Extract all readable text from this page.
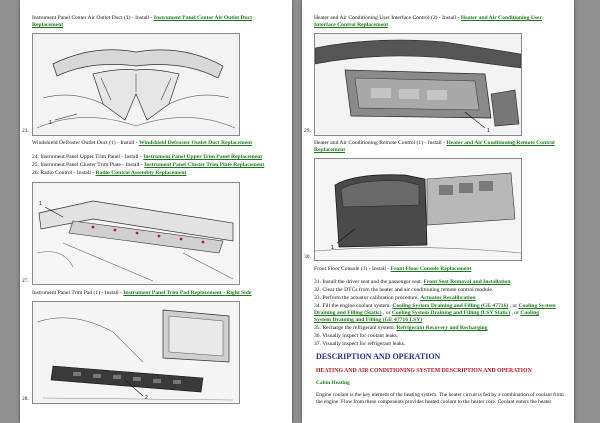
Instrument Panel Center Air Outlet Duct (1) - Install - Instrument Panel Center Air Outlet Duct
Replacement
23.
1
Windshield Defroster Outlet Duct (1) - Install - Windshield Defroster Outlet Duct Replacement
24. Instrument Panel Upper Trim Panel - Install - Instrument Panel Upper Trim Panel Replacement
25. Instrument Panel Cluster Trim Plate - Install - Instrument Panel Cluster Trim Plate Replacement
26. Radio Control - Install - Radio Control Assembly Replacement
27.
1
Instrument Panel Trim Pad (1) - Install - Instrument Panel Trim Pad Replacement - Right Side
28.	2
Heater and Air Conditioning User Interface Control (2) - Install - Heater and Air Conditioning User
Interface Control Replacement
29.	1
Heater and Air Conditioning Remote Control (1) - Install - Heater and Air Conditioning Remote Control
Replacement
30.
1
Front Floor Console (1) - Install - Front Floor Console Replacement
31. Install the driver seat and the passenger seat. Front Seat Removal and Installation
32. Clear the DTCs from the heater and air conditioning remote control module.
33. Perform the actuator calibration procedure. Actuator Recalibration
34. Fill the engine coolant system. Cooling System Draining and Filling (GE 47716) , or Cooling System
Draining and Filling (Static) , or Cooling System Draining and Filling (LSY Static) , or Cooling
System Draining and Filling (GE 47716 LSY)
35. Recharge the refrigerant system. Refrigerant Recovery and Recharging
36. Visually inspect for coolant leaks.
37. Visually inspect for refrigerant leaks.
DESCRIPTION AND OPERATION
HEATING AND AIR CONDITIONING SYSTEM DESCRIPTION AND OPERATION
Cabin Heating
Engine coolant is the key element of the heating system. The heater circuit is fed by a combination of coolant from the engine. Flow from these components provides heated coolant to the heater core. Coolant enters the heater
